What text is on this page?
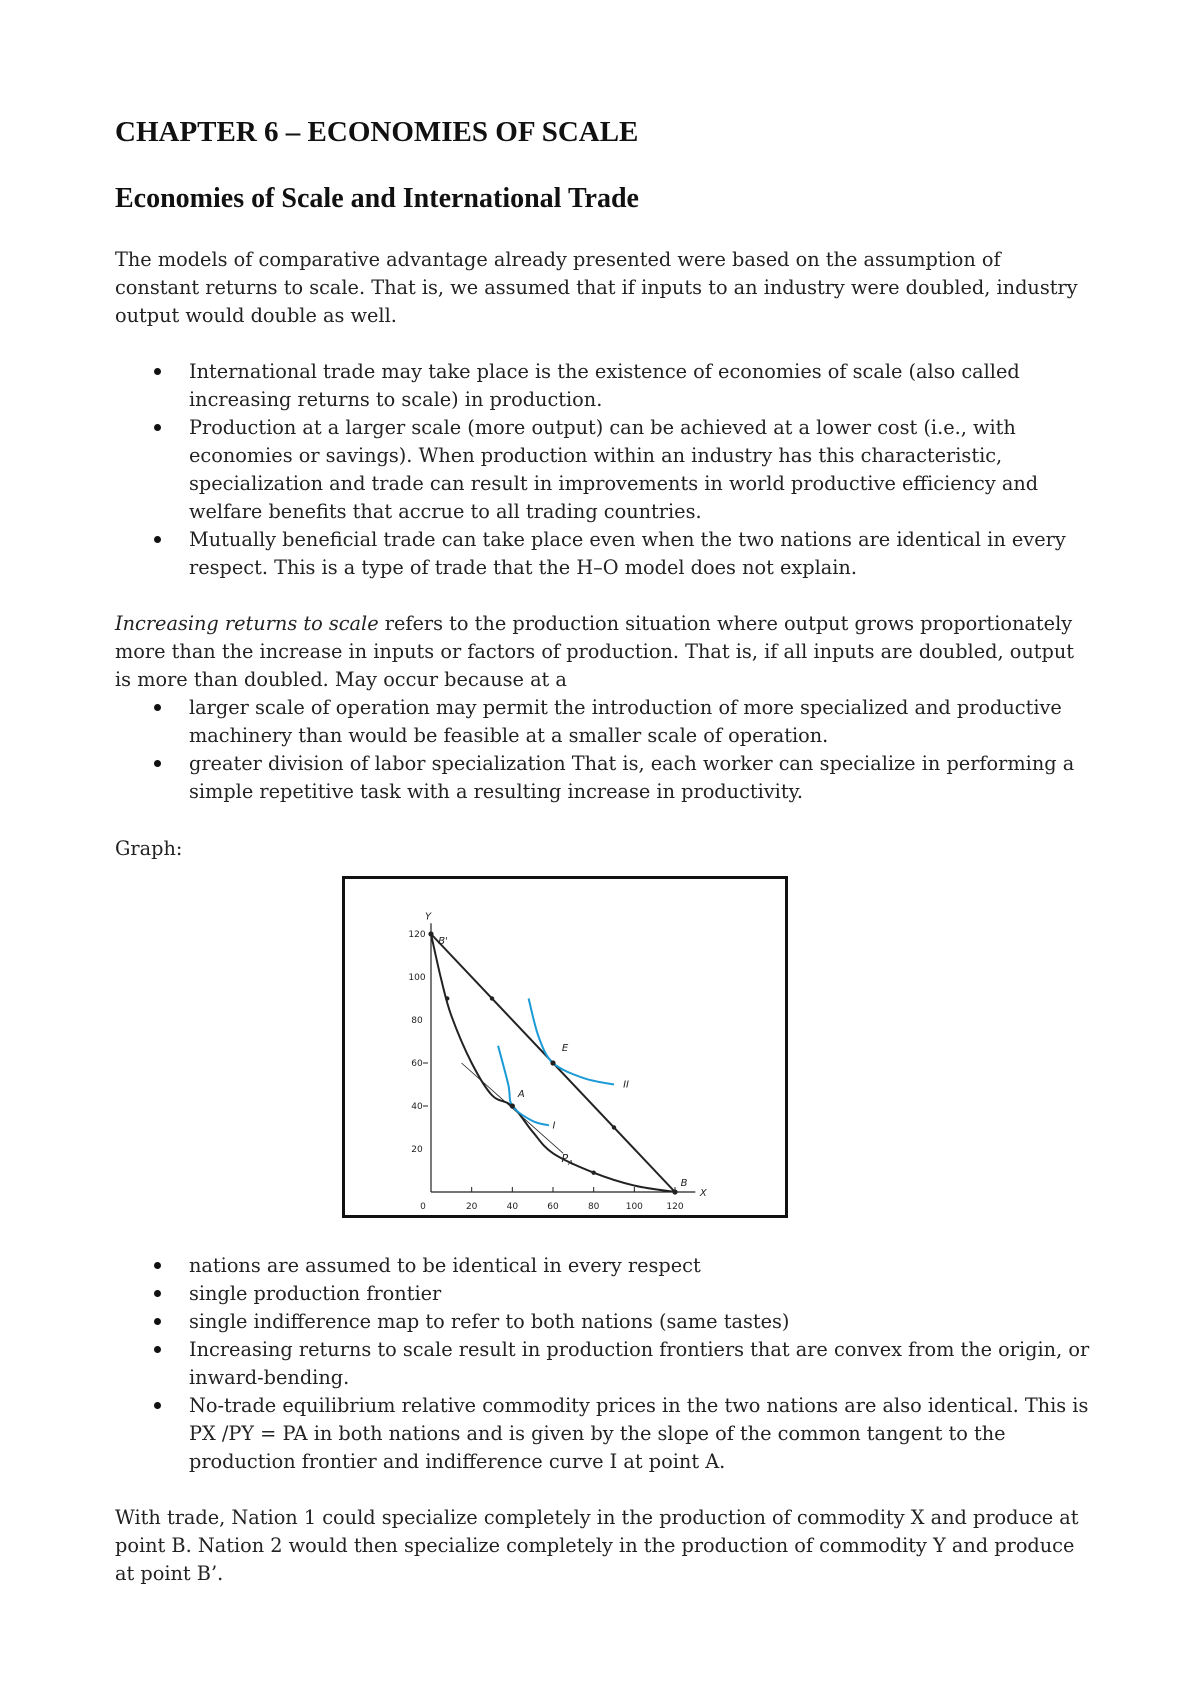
CHAPTER 6 – ECONOMIES OF SCALE
Economies of Scale and International Trade

The models of comparative advantage already presented were based on the assumption of constant returns to scale. That is, we assumed that if inputs to an industry were doubled, industry output would double as well.

International trade may take place is the existence of economies of scale (also called increasing returns to scale) in production.
Production at a larger scale (more output) can be achieved at a lower cost (i.e., with economies or savings). When production within an industry has this characteristic, specialization and trade can result in improvements in world productive efficiency and welfare benefits that accrue to all trading countries.
Mutually beneficial trade can take place even when the two nations are identical in every respect. This is a type of trade that the H–O model does not explain.

Increasing returns to scale refers to the production situation where output grows proportionately more than the increase in inputs or factors of production. That is, if all inputs are doubled, output is more than doubled. May occur because at a

larger scale of operation may permit the introduction of more specialized and productive machinery than would be feasible at a smaller scale of operation.
greater division of labor specialization That is, each worker can specialize in performing a simple repetitive task with a resulting increase in productivity.

Graph:

X
Y
0	20	40	60	80	100	120
120
100
80
60
40
20
A
E
B
B'
I
II
$P_A$
nations are assumed to be identical in every respect
single production frontier
single indifference map to refer to both nations (same tastes)
Increasing returns to scale result in production frontiers that are convex from the origin, or inward-bending.
No-trade equilibrium relative commodity prices in the two nations are also identical. This is PX /PY = PA in both nations and is given by the slope of the common tangent to the production frontier and indifference curve I at point A.

With trade, Nation 1 could specialize completely in the production of commodity X and produce at point B. Nation 2 would then specialize completely in the production of commodity Y and produce at point B’.
